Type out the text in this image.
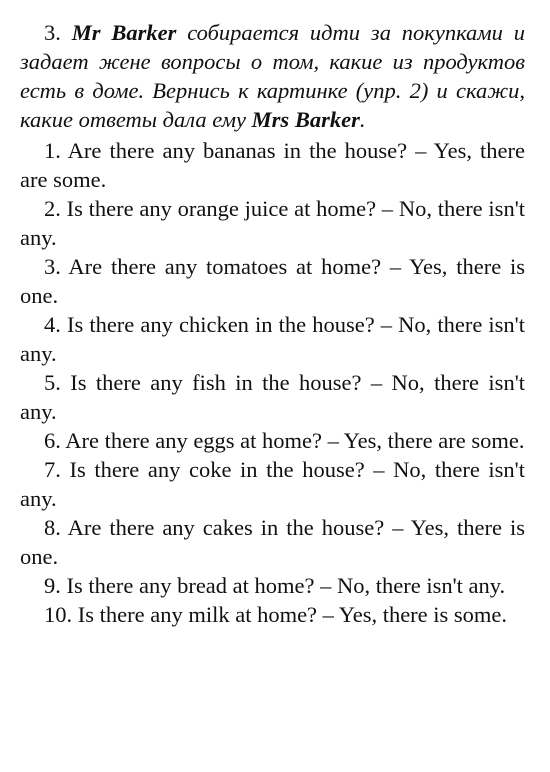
3. Mr Barker собирается идти за покупками и задает жене вопросы о том, какие из продуктов есть в доме. Вернись к картинке (упр. 2) и скажи, какие ответы дала ему Mrs Barker.

1. Are there any bananas in the house? – Yes, there are some.
2. Is there any orange juice at home? – No, there isn't any.
3. Are there any tomatoes at home? – Yes, there is one.
4. Is there any chicken in the house? – No, there isn't any.
5. Is there any fish in the house? – No, there isn't any.
6. Are there any eggs at home? – Yes, there are some.
7. Is there any coke in the house? – No, there isn't any.
8. Are there any cakes in the house? – Yes, there is one.
9. Is there any bread at home? – No, there isn't any.
10. Is there any milk at home? – Yes, there is some.
